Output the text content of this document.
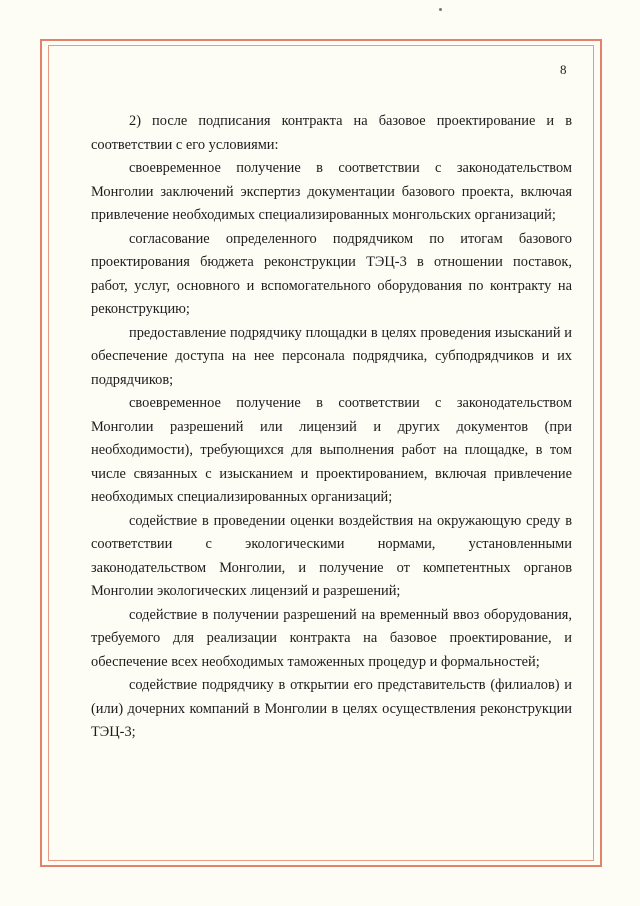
8

2) после подписания контракта на базовое проектирование и в соответствии с его условиями:

своевременное получение в соответствии с законодательством Монголии заключений экспертиз документации базового проекта, включая привлечение необходимых специализированных монгольских организаций;

согласование определенного подрядчиком по итогам базового проектирования бюджета реконструкции ТЭЦ-3 в отношении поставок, работ, услуг, основного и вспомогательного оборудования по контракту на реконструкцию;

предоставление подрядчику площадки в целях проведения изысканий и обеспечение доступа на нее персонала подрядчика, субподрядчиков и их подрядчиков;

своевременное получение в соответствии с законодательством Монголии разрешений или лицензий и других документов (при необходимости), требующихся для выполнения работ на площадке, в том числе связанных с изысканием и проектированием, включая привлечение необходимых специализированных организаций;

содействие в проведении оценки воздействия на окружающую среду в соответствии с экологическими нормами, установленными законодательством Монголии, и получение от компетентных органов Монголии экологических лицензий и разрешений;

содействие в получении разрешений на временный ввоз оборудования, требуемого для реализации контракта на базовое проектирование, и обеспечение всех необходимых таможенных процедур и формальностей;

содействие подрядчику в открытии его представительств (филиалов) и (или) дочерних компаний в Монголии в целях осуществления реконструкции ТЭЦ-3;
